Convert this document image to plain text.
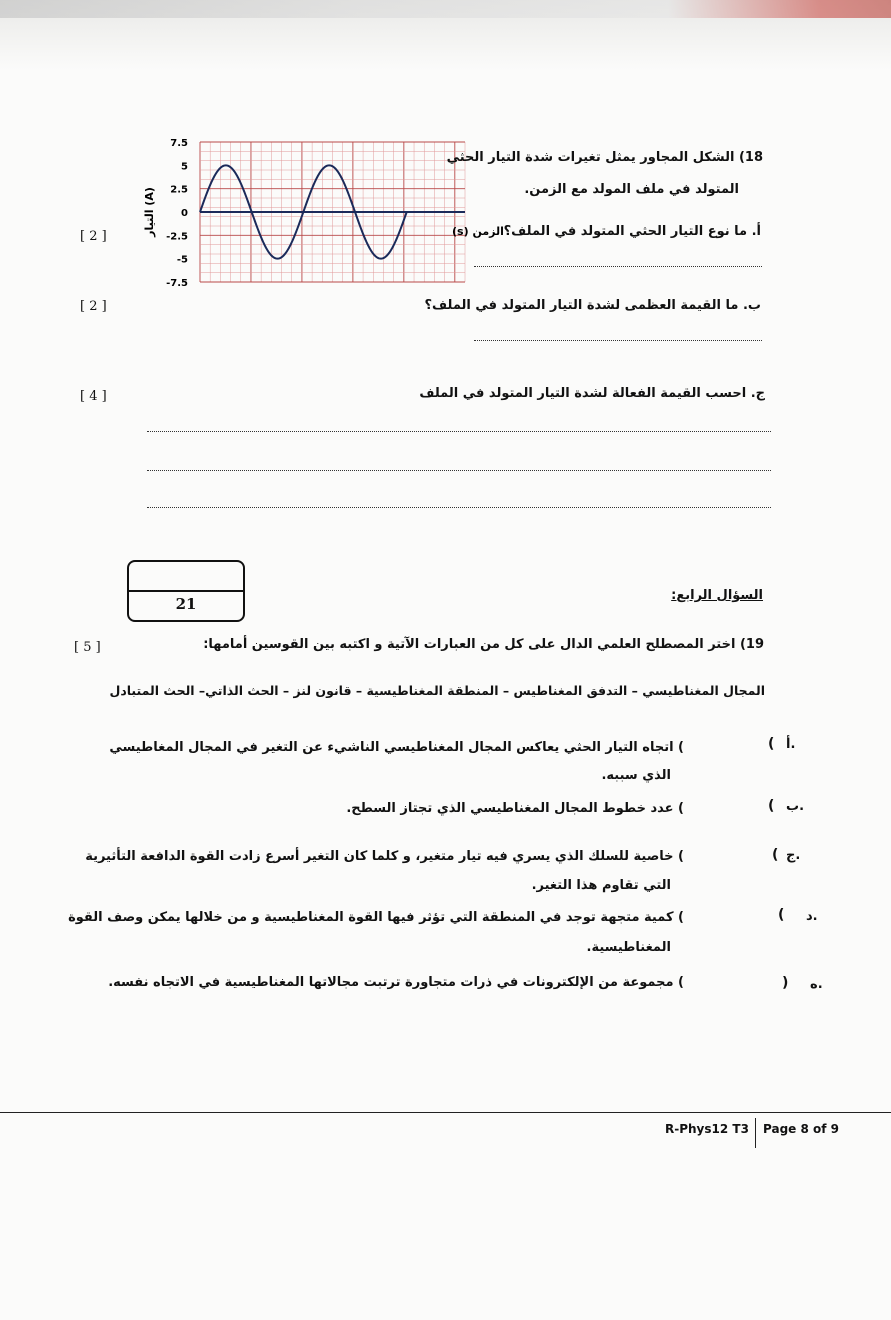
7.5
5
2.5
0
-2.5
-5
-7.5
الزمن (s)
التيار (A)
18) الشكل المجاور يمثل تغيرات شدة التيار الحثي
المتولد في ملف المولد مع الزمن.
أ. ما نوع التيار الحثي المتولد في الملف؟
[ 2 ]
ب. ما القيمة العظمى لشدة التيار المتولد في الملف؟
[ 2 ]
ج. احسب القيمة الفعالة لشدة التيار المتولد في الملف
[ 4 ]
21	السؤال الرابع:
19) اختر المصطلح العلمي الدال على كل من العبارات الآتية و اكتبه بين القوسين أمامها:
[ 5 ]
المجال المغناطيسي – التدفق المغناطيس – المنطقة المغناطيسية – قانون لنز – الحث الذاتي– الحث المتبادل
أ.
(
) اتجاه التيار الحثي يعاكس المجال المغناطيسي الناشيء عن التغير في المجال المغاطيسي
الذي سببه.
ب.
(
) عدد خطوط المجال المغناطيسي الذي تجتاز السطح.
ج.
(
) خاصية للسلك الذي يسري فيه تيار متغير، و كلما كان التغير أسرع زادت القوة الدافعة التأثيرية
التي تقاوم هذا التغير.
د.
(
) كمية متجهة توجد في المنطقة التي تؤثر فيها القوة المغناطيسية و من خلالها يمكن وصف القوة
المغناطيسية.
ه.
)
) مجموعة من الإلكترونات في ذرات متجاورة ترتبت مجالاتها المغناطيسية في الاتجاه نفسه.
R-Phys12 T3 Page 8 of 9
